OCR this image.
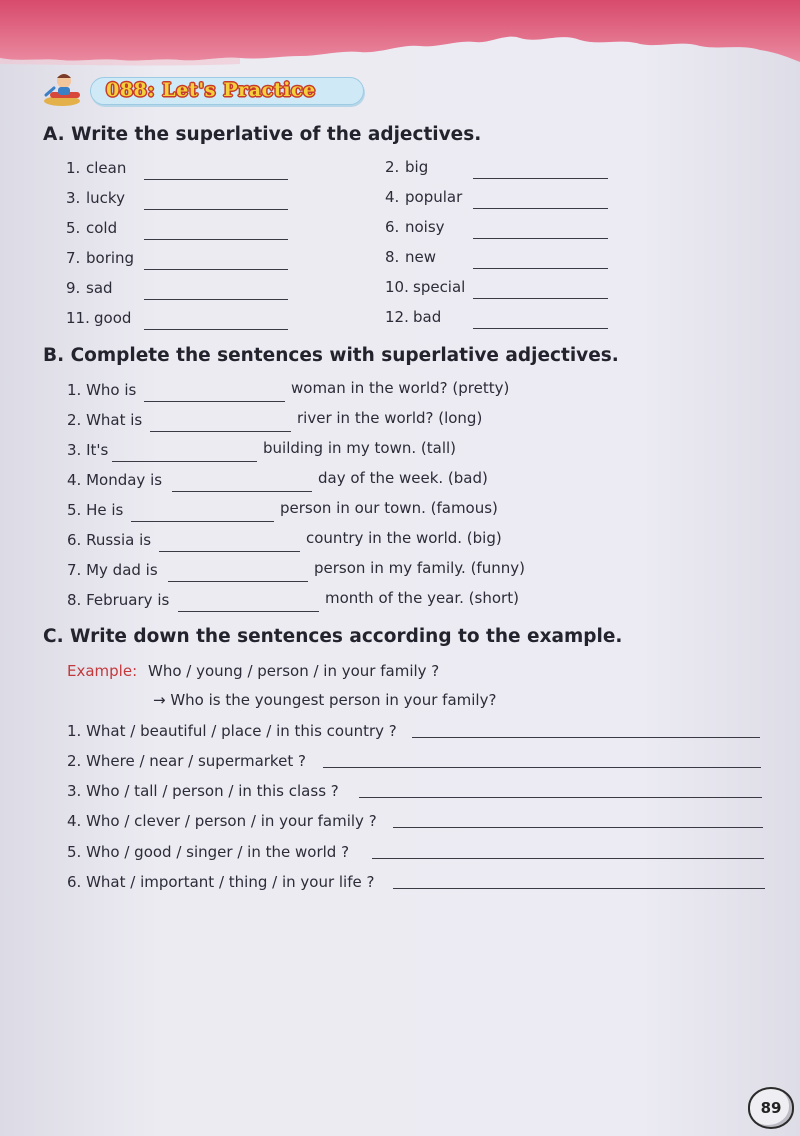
088: Let's Practice
A. Write the superlative of the adjectives.
1. clean	2. big
3. lucky	4. popular
5. cold	6. noisy
7. boring	8. new
9. sad	10. special
11. good	12. bad
B. Complete the sentences with superlative adjectives.
1. Who is	woman in the world? (pretty)
2. What is	river in the world? (long)
3. It's	building in my town. (tall)
4. Monday is	day of the week. (bad)
5. He is	person in our town. (famous)
6. Russia is	country in the world. (big)
7. My dad is	person in my family. (funny)
8. February is	month of the year. (short)
C. Write down the sentences according to the example.
Example: Who / young / person / in your family ?
→ Who is the youngest person in your family?
1. What / beautiful / place / in this country ?
2. Where / near / supermarket ?
3. Who / tall / person / in this class ?
4. Who / clever / person / in your family ?
5. Who / good / singer / in the world ?
6. What / important / thing / in your life ?
89
